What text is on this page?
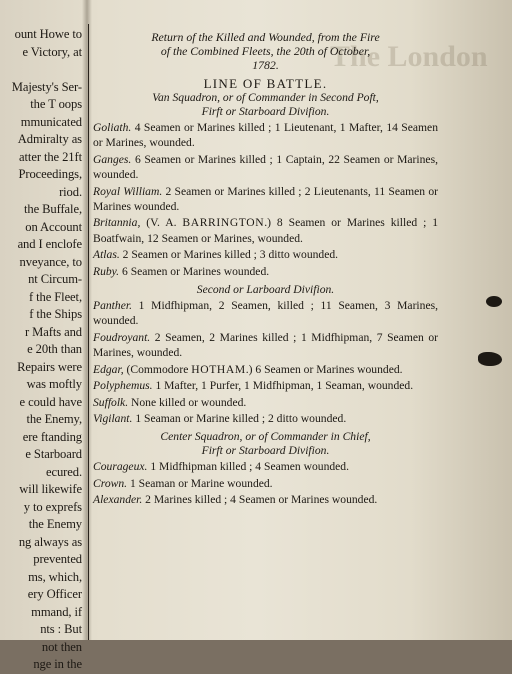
The London
ount Howe to
e Victory, at

Majesty's Ser-
the T oops
mmunicated
Admiralty as
atter the 21ft
Proceedings,
riod.
the Buffale,
on Account
and I enclofe
nveyance, to
nt Circum-
f the Fleet,
f the Ships
r Mafts and
e 20th than
Repairs were
was moftly
e could have
the Enemy,
ere ftanding
e Starboard
ecured.
will likewife
y to exprefs
the Enemy
ng always as
prevented
ms, which,
ery Officer
mmand, if
nts : But
not then
nge in the
Return of the Killed and Wounded, from the Fire
of the Combined Fleets, the 20th of October,
1782.
LINE OF BATTLE.
Van Squadron, or of Commander in Second Poft,
Firft or Starboard Divifion.
Goliath. 4 Seamen or Marines killed ; 1 Lieutenant, 1 Mafter, 14 Seamen or Marines, wounded.
Ganges. 6 Seamen or Marines killed ; 1 Captain, 22 Seamen or Marines, wounded.
Royal William. 2 Seamen or Marines killed ; 2 Lieutenants, 11 Seamen or Marines wounded.
Britannia, (V. A. BARRINGTON.) 8 Seamen or Marines killed ; 1 Boatfwain, 12 Seamen or Marines, wounded.
Atlas. 2 Seamen or Marines killed ; 3 ditto wounded.
Ruby. 6 Seamen or Marines wounded.
Second or Larboard Divifion.
Panther. 1 Midfhipman, 2 Seamen, killed ; 11 Seamen, 3 Marines, wounded.
Foudroyant. 2 Seamen, 2 Marines killed ; 1 Midfhipman, 7 Seamen or Marines, wounded.
Edgar, (Commodore HOTHAM.) 6 Seamen or Marines wounded.
Polyphemus. 1 Mafter, 1 Purfer, 1 Midfhipman, 1 Seaman, wounded.
Suffolk. None killed or wounded.
Vigilant. 1 Seaman or Marine killed ; 2 ditto wounded.
Center Squadron, or of Commander in Chief,
Firft or Starboard Divifion.
Courageux. 1 Midfhipman killed ; 4 Seamen wounded.
Crown. 1 Seaman or Marine wounded.
Alexander. 2 Marines killed ; 4 Seamen or Marines wounded.
